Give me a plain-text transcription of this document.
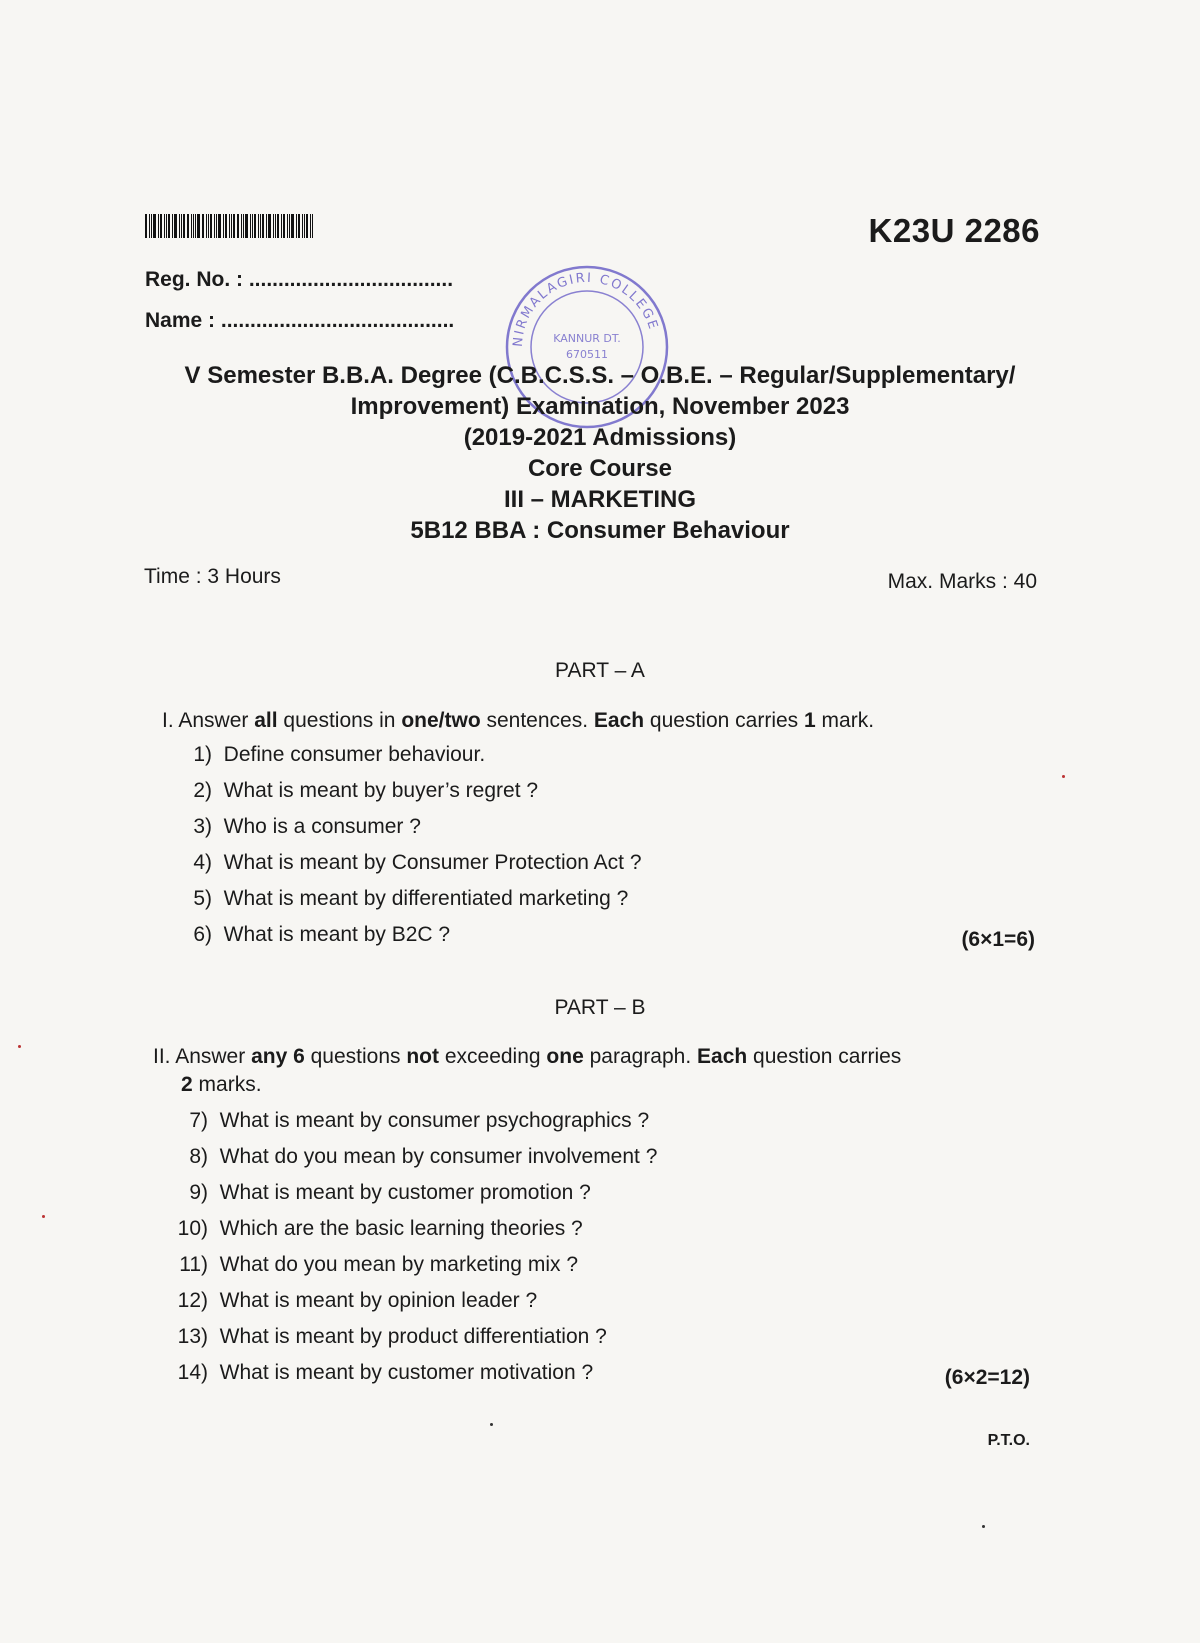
K23U 2286
Reg. No. : ...................................
Name : ........................................
NIRMALAGIRI COLLEGE
KANNUR DT.
670511
V Semester B.B.A. Degree (C.B.C.S.S. – O.B.E. – Regular/Supplementary/
Improvement) Examination, November 2023
(2019-2021 Admissions)
Core Course
III – MARKETING
5B12 BBA : Consumer Behaviour
Time : 3 Hours	Max. Marks : 40
PART – A
I. Answer all questions in one/two sentences. Each question carries 1 mark.
1) Define consumer behaviour.
2) What is meant by buyer’s regret ?
3) Who is a consumer ?
4) What is meant by Consumer Protection Act ?
5) What is meant by differentiated marketing ?
6) What is meant by B2C ?	(6×1=6)
PART – B
II. Answer any 6 questions not exceeding one paragraph. Each question carries
2 marks.
7) What is meant by consumer psychographics ?
8) What do you mean by consumer involvement ?
9) What is meant by customer promotion ?
10) Which are the basic learning theories ?
11) What do you mean by marketing mix ?
12) What is meant by opinion leader ?
13) What is meant by product differentiation ?
14) What is meant by customer motivation ?	(6×2=12)
P.T.O.
